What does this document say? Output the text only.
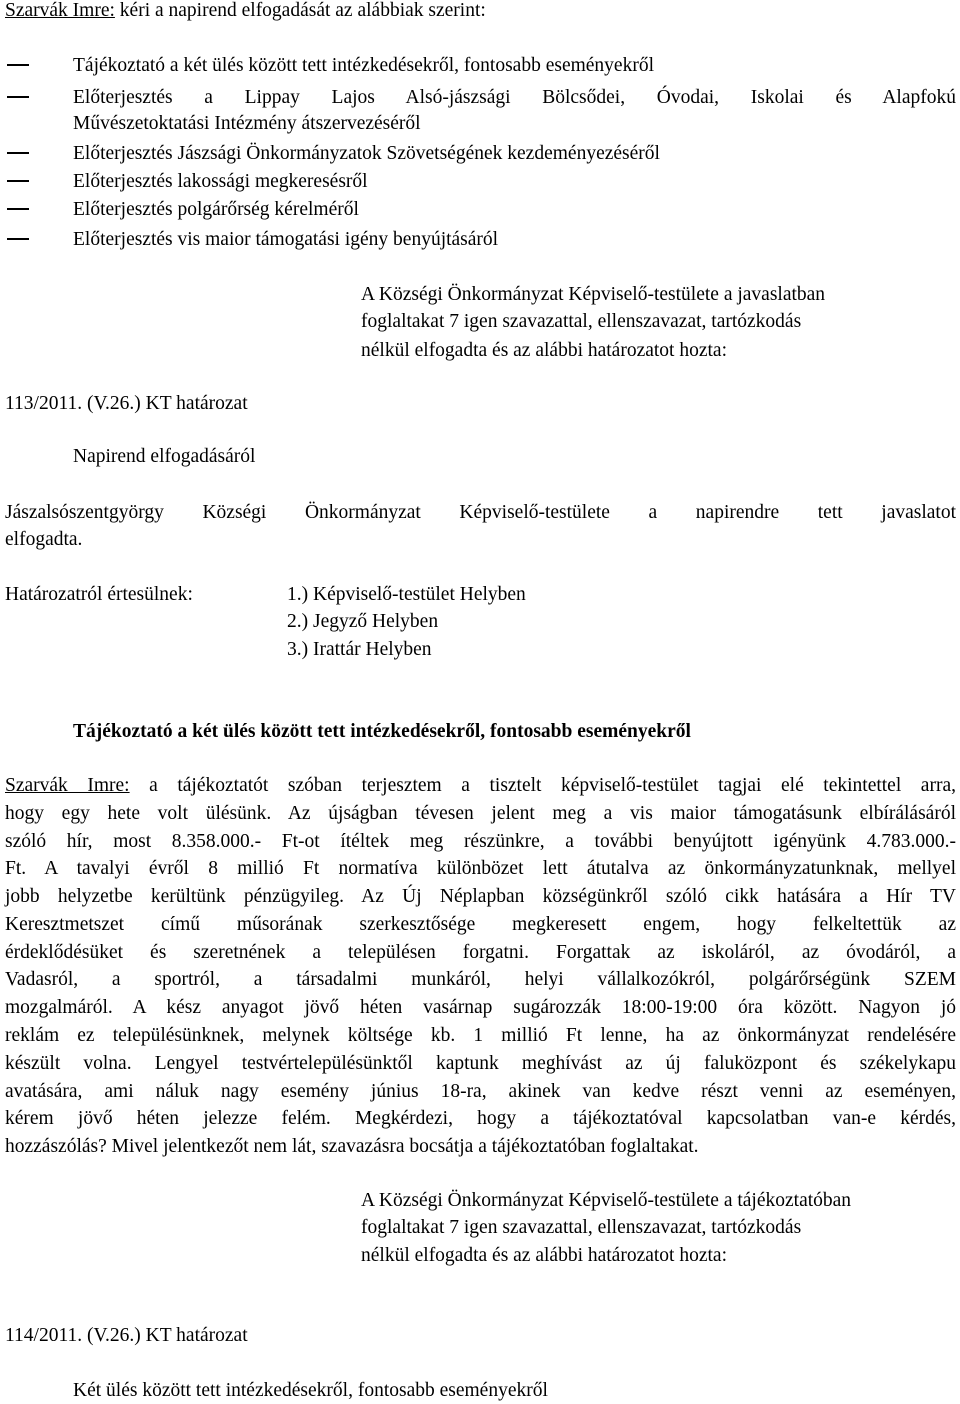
Szarvák Imre: kéri a napirend elfogadását az alábbiak szerint:
Tájékoztató a két ülés között tett intézkedésekről, fontosabb eseményekről
Előterjesztés a Lippay Lajos Alsó-jászsági Bölcsődei, Óvodai, Iskolai és Alapfokú
Művészetoktatási Intézmény átszervezéséről
Előterjesztés Jászsági Önkormányzatok Szövetségének kezdeményezéséről
Előterjesztés lakossági megkeresésről
Előterjesztés polgárőrség kérelméről
Előterjesztés vis maior támogatási igény benyújtásáról
A Községi Önkormányzat Képviselő-testülete a javaslatban
foglaltakat 7 igen szavazattal, ellenszavazat, tartózkodás
nélkül elfogadta és az alábbi határozatot hozta:
113/2011. (V.26.) KT határozat
Napirend elfogadásáról
Jászalsószentgyörgy Községi Önkormányzat Képviselő-testülete a napirendre tett javaslatot
elfogadta.
Határozatról értesülnek:	1.) Képviselő-testület Helyben
2.) Jegyző Helyben
3.) Irattár Helyben
Tájékoztató a két ülés között tett intézkedésekről, fontosabb eseményekről
Szarvák Imre: a tájékoztatót szóban terjesztem a tisztelt képviselő-testület tagjai elé tekintettel arra,
hogy egy hete volt ülésünk. Az újságban tévesen jelent meg a vis maior támogatásunk elbírálásáról
szóló hír, most 8.358.000.- Ft-ot ítéltek meg részünkre, a további benyújtott igényünk 4.783.000.-
Ft. A tavalyi évről 8 millió Ft normatíva különbözet lett átutalva az önkormányzatunknak, mellyel
jobb helyzetbe kerültünk pénzügyileg. Az Új Néplapban községünkről szóló cikk hatására a Hír TV
Keresztmetszet című műsorának szerkesztősége megkeresett engem, hogy felkeltettük az
érdeklődésüket és szeretnének a településen forgatni. Forgattak az iskoláról, az óvodáról, a
Vadasról, a sportról, a társadalmi munkáról, helyi vállalkozókról, polgárőrségünk SZEM
mozgalmáról. A kész anyagot jövő héten vasárnap sugározzák 18:00-19:00 óra között. Nagyon jó
reklám ez településünknek, melynek költsége kb. 1 millió Ft lenne, ha az önkormányzat rendelésére
készült volna. Lengyel testvértelepülésünktől kaptunk meghívást az új faluközpont és székelykapu
avatására, ami náluk nagy esemény június 18-ra, akinek van kedve részt venni az eseményen,
kérem jövő héten jelezze felém. Megkérdezi, hogy a tájékoztatóval kapcsolatban van-e kérdés,
hozzászólás? Mivel jelentkezőt nem lát, szavazásra bocsátja a tájékoztatóban foglaltakat.
A Községi Önkormányzat Képviselő-testülete a tájékoztatóban
foglaltakat 7 igen szavazattal, ellenszavazat, tartózkodás
nélkül elfogadta és az alábbi határozatot hozta:
114/2011. (V.26.) KT határozat
Két ülés között tett intézkedésekről, fontosabb eseményekről
